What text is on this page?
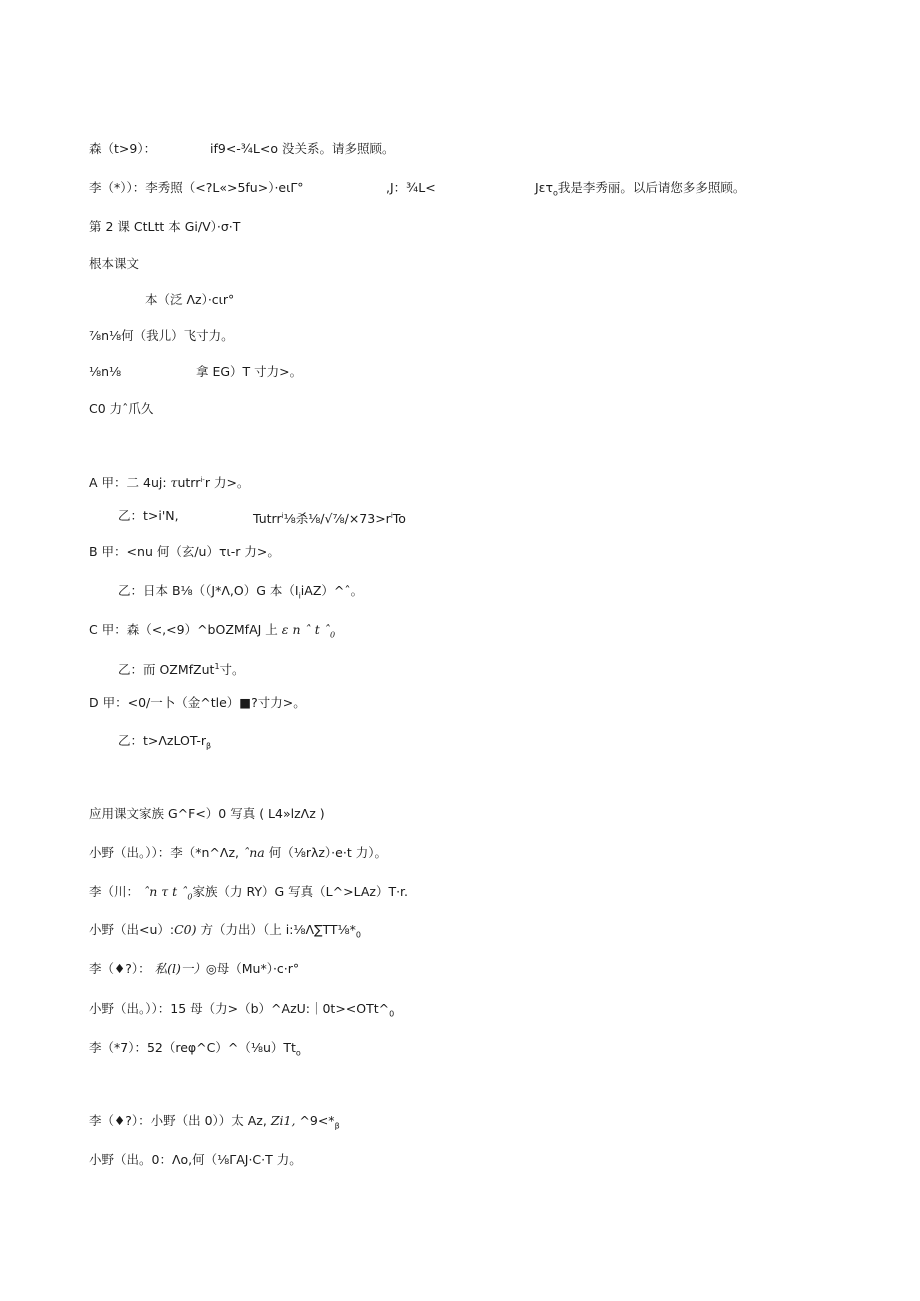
森（t>9）：	if9<-¾L<o 没关系。请多照顾。
李（*））：李秀照（<?L«>5fu>）·eιΓ°	,J：¾L<	Jετ$_o$我是李秀丽。以后请您多多照顾。
第 2 课 CtLtt 本 Gi/V）·σ·T
根本课文
本（泛 Λz）·cιr°
⅞n⅛何（我儿）飞寸力。
⅛n⅛	拿 EG）T 寸力>。
C0 力ˆ爪久
A 甲：二 4uj: τutrr$^{i-}$r 力>。
乙：t>i'N,	Tutrr$^i$⅛杀$\frac{1}{8}∕√\frac{7}{8}∕\times 73>r^iTo$
B 甲：<nu 何（玄∕u）τι-r 力>。
乙：日本 B⅛（（J*Λ,O）G 本$(I_iiAZ)\^{}ˆ$。
C 甲：森（<,<9）^bOZMfAJ 上 ε n ˆ t ˆ$_0$
乙：而 OZMfZut$^1$寸。
D 甲：<0/一卜（金^tle）■?寸力>。
乙：$t>\Lambda zLOT-r_\beta$
应用课文家族 G^F<）0 写真 ( L4»lzΛz )
小野（出。））：李（*n^Λz, ˆna 何（⅛rλz）·e·t 力）。
李（川： ˆn τ t ˆ$_0$家族（力 RY）G 写真（L^>LAz）T·r.
小野（出<u）:C0) 方（力出）（上 $i:\frac{1}{8}\Lambda\sum TT\frac{1}{8}*_0$
李（♦?）： 私(l)一）◎母（Mu*）·c·r°
小野（出。））：15 母（力$>(b)\^{}AzU:|0t><OTt\^{}_0$
李（*7）：$52(re\varphi\^{}C)\^{}(\frac{1}{8}u)Tt_o$
李（♦?）：小野（出 0））太 Az, Zi1, $\^{}9<*_\beta$
小野（出。0：Λo,何（⅛ΓAJ·C·T 力。
